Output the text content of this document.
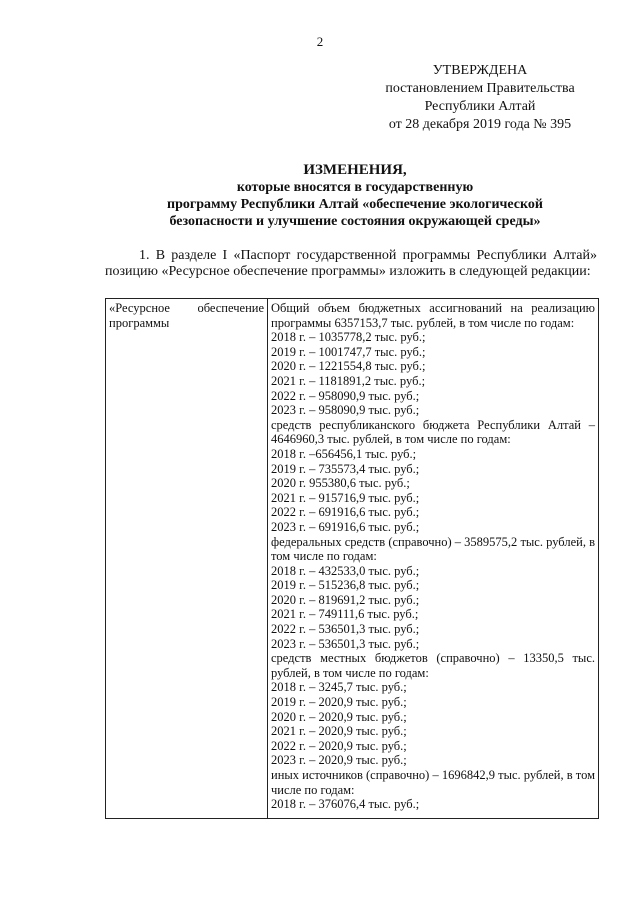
2
УТВЕРЖДЕНА
постановлением Правительства
Республики Алтай
от 28 декабря 2019 года № 395
ИЗМЕНЕНИЯ,
которые вносятся в государственную
программу Республики Алтай «обеспечение экологической
безопасности и улучшение состояния окружающей среды»
1. В разделе I «Паспорт государственной программы Республики Алтай» позицию «Ресурсное обеспечение программы» изложить в следующей редакции:
«Ресурсное обеспечение программы	
Общий объем бюджетных ассигнований на реализацию программы 6357153,7 тыс. рублей, в том числе по годам:
2018 г. – 1035778,2 тыс. руб.;
2019 г. – 1001747,7 тыс. руб.;
2020 г. – 1221554,8 тыс. руб.;
2021 г. – 1181891,2 тыс. руб.;
2022 г. – 958090,9 тыс. руб.;
2023 г. – 958090,9 тыс. руб.;
средств республиканского бюджета Республики Алтай – 4646960,3 тыс. рублей, в том числе по годам:
2018 г. –656456,1 тыс. руб.;
2019 г. – 735573,4 тыс. руб.;
2020 г. 955380,6 тыс. руб.;
2021 г. – 915716,9 тыс. руб.;
2022 г. – 691916,6 тыс. руб.;
2023 г. – 691916,6 тыс. руб.;
федеральных средств (справочно) – 3589575,2 тыс. рублей, в том числе по годам:
2018 г. – 432533,0 тыс. руб.;
2019 г. – 515236,8 тыс. руб.;
2020 г. – 819691,2 тыс. руб.;
2021 г. – 749111,6 тыс. руб.;
2022 г. – 536501,3 тыс. руб.;
2023 г. – 536501,3 тыс. руб.;
средств местных бюджетов (справочно) – 13350,5 тыс. рублей, в том числе по годам:
2018 г. – 3245,7 тыс. руб.;
2019 г. – 2020,9 тыс. руб.;
2020 г. – 2020,9 тыс. руб.;
2021 г. – 2020,9 тыс. руб.;
2022 г. – 2020,9 тыс. руб.;
2023 г. – 2020,9 тыс. руб.;
иных источников (справочно) – 1696842,9 тыс. рублей, в том числе по годам:
2018 г. – 376076,4 тыс. руб.;
